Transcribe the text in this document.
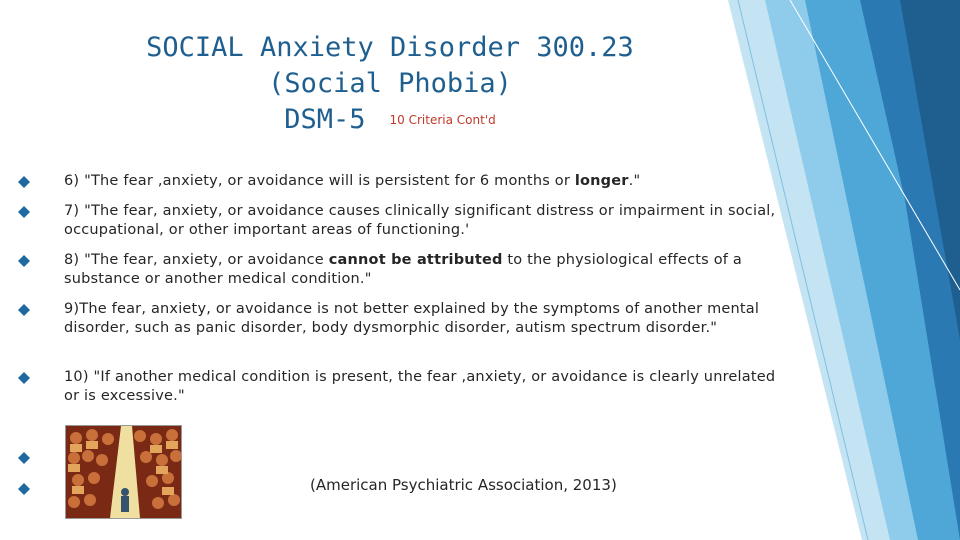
SOCIAL Anxiety Disorder 300.23
(Social Phobia)
DSM-5 $^{10 Criteria Cont'd}$
6) "The fear ,anxiety, or avoidance will is persistent for 6 months or longer."
7) "The fear, anxiety, or avoidance causes clinically significant distress or impairment in social, occupational, or other important areas of functioning.'
8) "The fear, anxiety, or avoidance cannot be attributed to the physiological effects of a substance or another medical condition."
9)The fear, anxiety, or avoidance is not better explained by the symptoms of another mental disorder, such as panic disorder, body dysmorphic disorder, autism spectrum disorder."
10) "If another medical condition is present, the fear ,anxiety, or avoidance is clearly unrelated or is excessive."
(American Psychiatric Association, 2013)
